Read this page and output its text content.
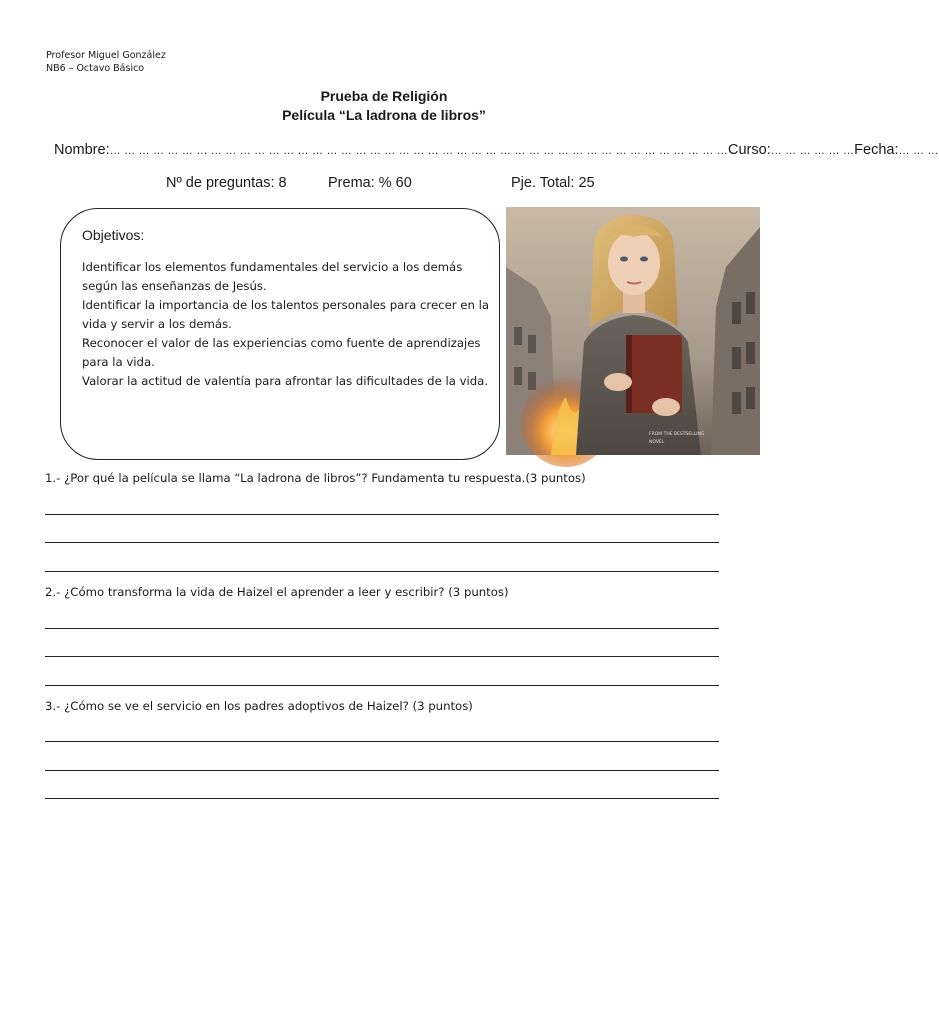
Profesor Miguel González
NB6 – Octavo Básico
Prueba de Religión
Película “La ladrona de libros”
Nombre:… … … … … … … … … … … … … … … … … … … … … … … … … … … … … … … … … … … … … … … … … … …Curso:… … … … … …Fecha:… … …
Nº de preguntas: 8	Prema: % 60	Pje. Total: 25
Objetivos:
Identificar los elementos fundamentales del servicio a los demás según las enseñanzas de Jesús.
Identificar la importancia de los talentos personales para crecer en la vida y servir a los demás.
Reconocer el valor de las experiencias como fuente de aprendizajes para la vida.
Valorar la actitud de valentía para afrontar las dificultades de la vida.
FROM THE BESTSELLING
NOVEL
1.- ¿Por qué la película se llama “La ladrona de libros”? Fundamenta tu respuesta.(3 puntos)
2.- ¿Cómo transforma la vida de Haizel el aprender a leer y escribir? (3 puntos)
3.- ¿Cómo se ve el servicio en los padres adoptivos de Haizel? (3 puntos)
